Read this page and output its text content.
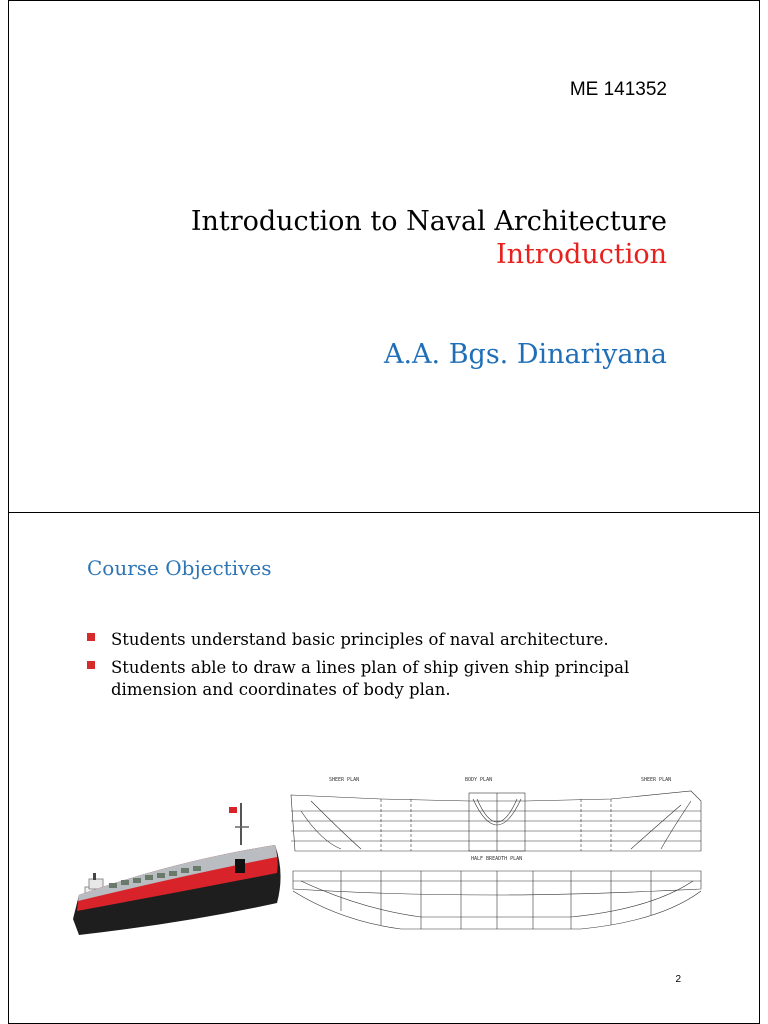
ME 141352
Introduction to Naval Architecture
Introduction
A.A. Bgs. Dinariyana
Course Objectives
Students understand basic principles of naval architecture.
Students able to draw a lines plan of ship given ship principal dimension and coordinates of body plan.
SHEER PLAN	BODY PLAN	SHEER PLAN
HALF BREADTH PLAN
2
